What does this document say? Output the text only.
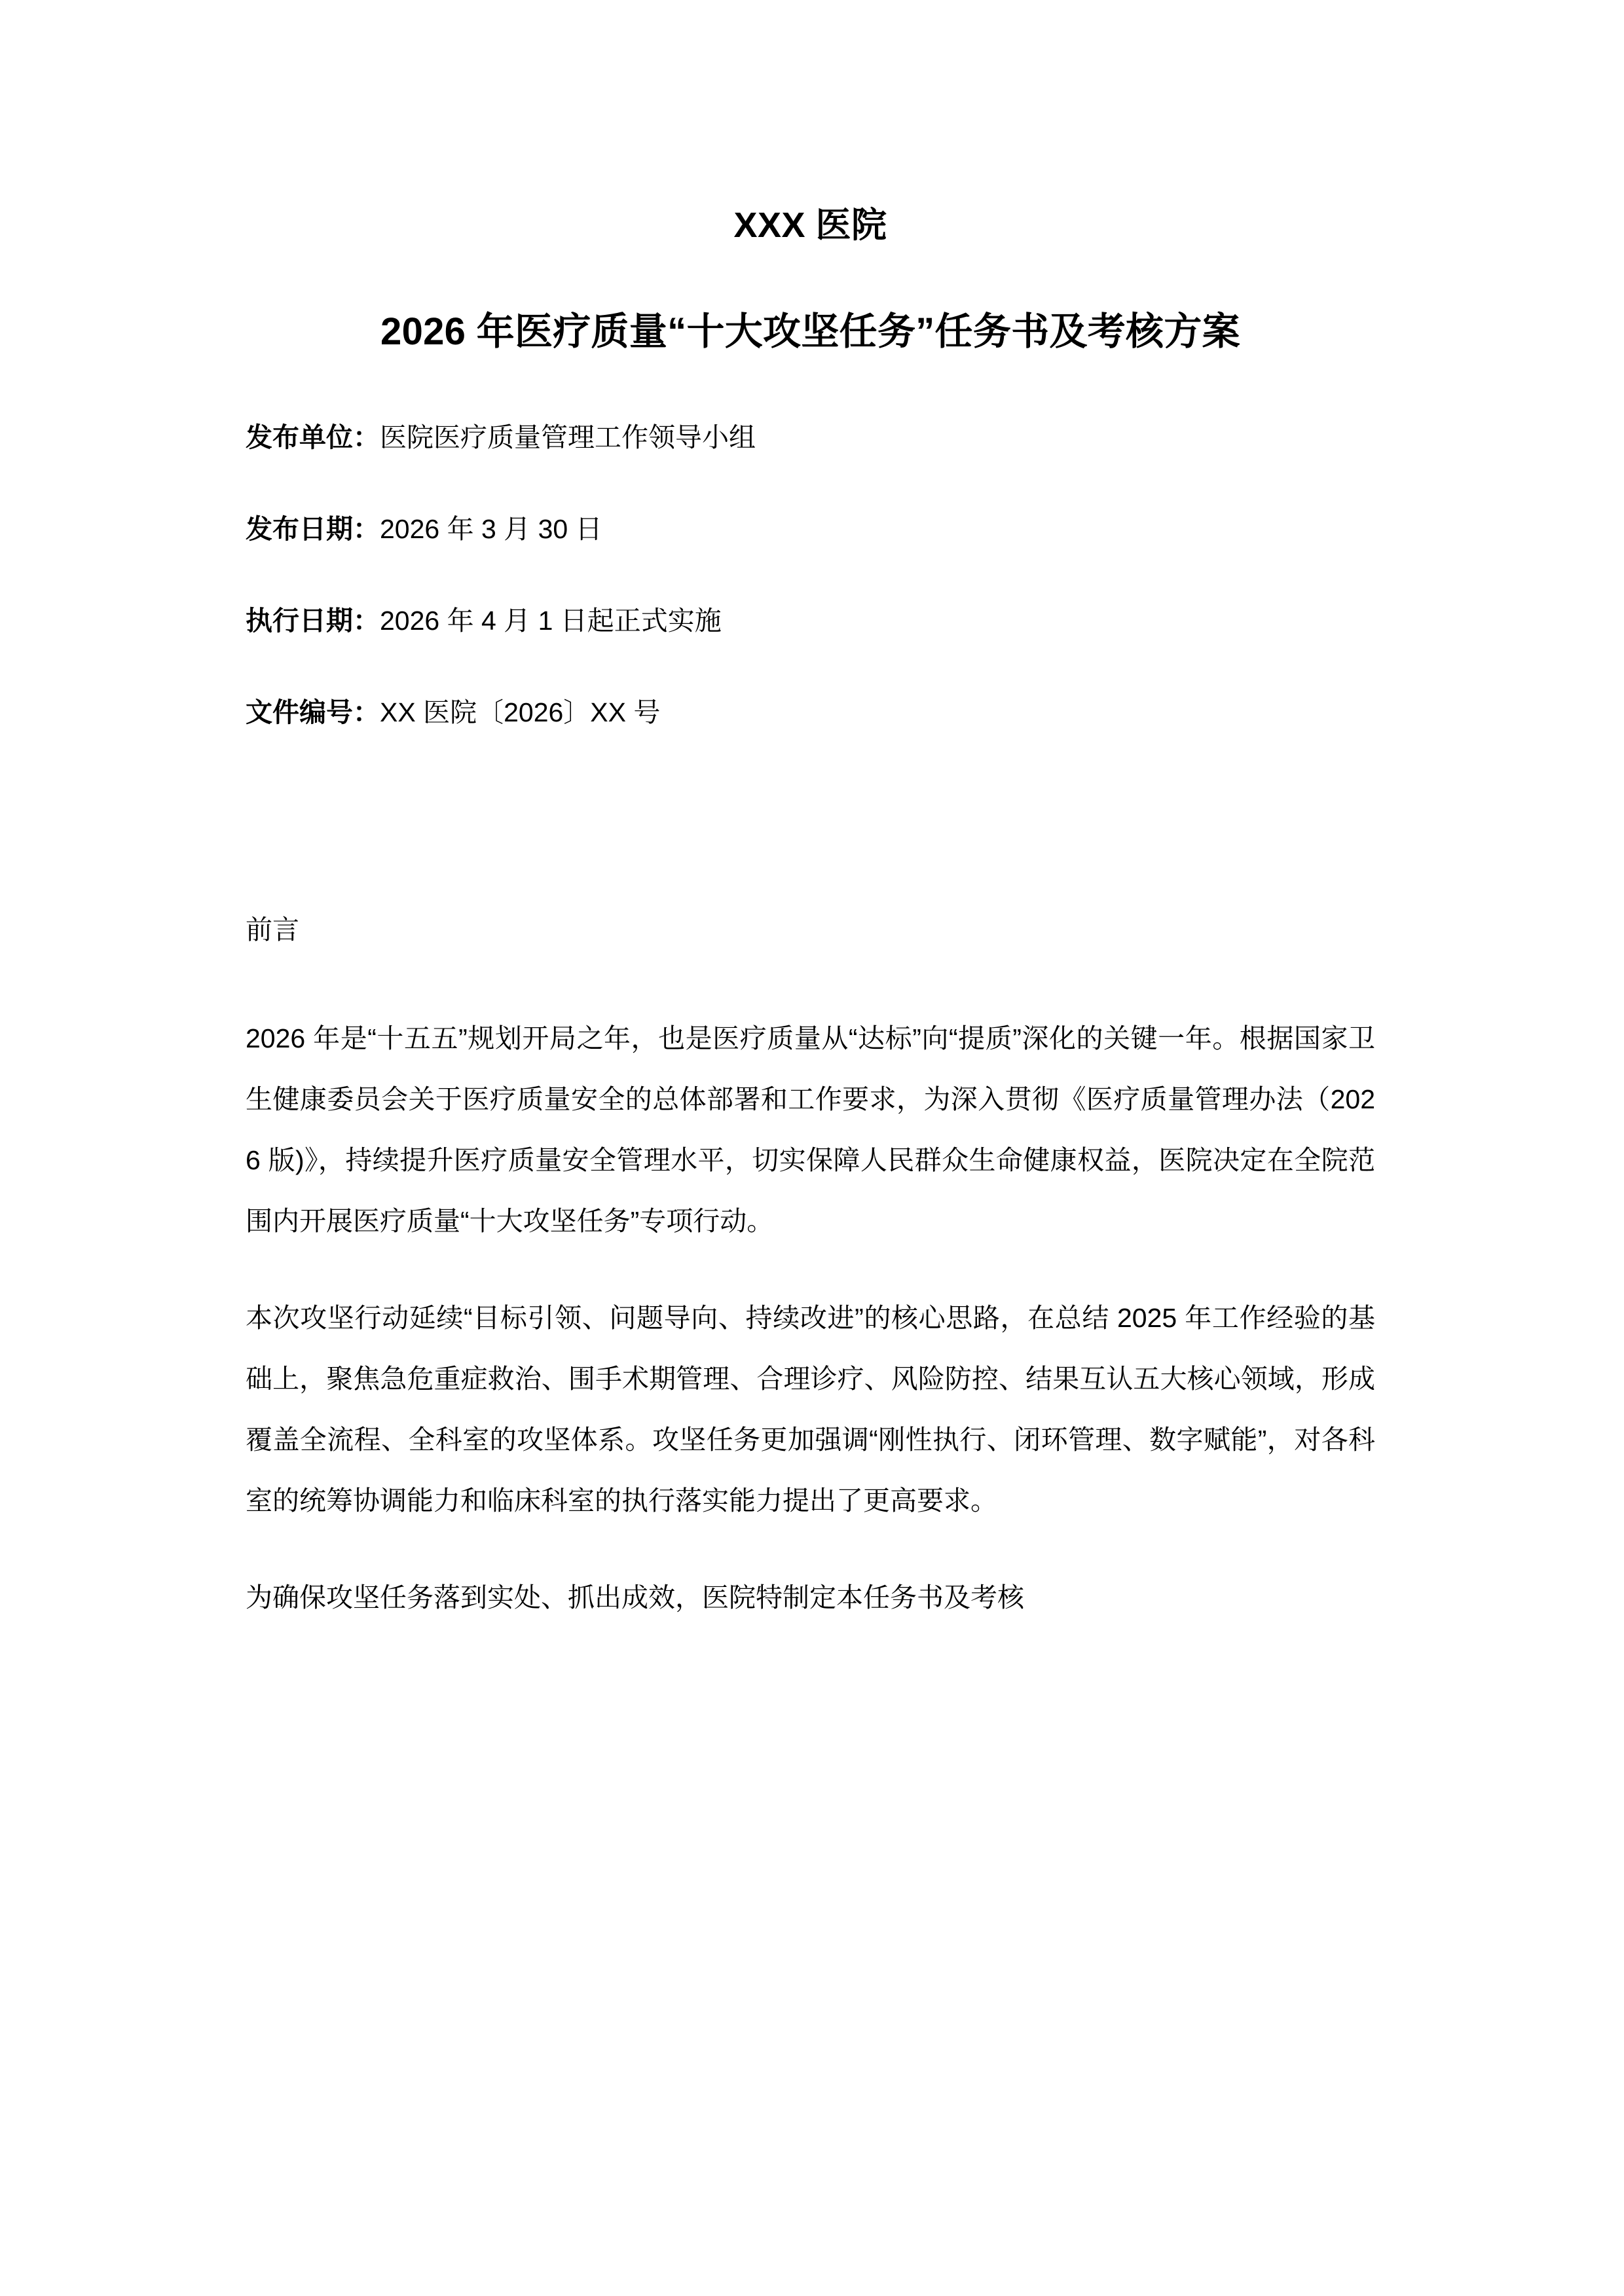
XXX 医院
2026 年医疗质量“十大攻坚任务”任务书及考核方案
发布单位：医院医疗质量管理工作领导小组
发布日期：2026 年 3 月 30 日
执行日期：2026 年 4 月 1 日起正式实施
文件编号：XX 医院〔2026〕XX 号
前言

2026 年是“十五五”规划开局之年，也是医疗质量从“达标”向“提质”深化的关键一年。根据国家卫生健康委员会关于医疗质量安全的总体部署和工作要求，为深入贯彻《医疗质量管理办法（2026 版)》，持续提升医疗质量安全管理水平，切实保障人民群众生命健康权益，医院决定在全院范围内开展医疗质量“十大攻坚任务”专项行动。

本次攻坚行动延续“目标引领、问题导向、持续改进”的核心思路，在总结 2025 年工作经验的基础上，聚焦急危重症救治、围手术期管理、合理诊疗、风险防控、结果互认五大核心领域，形成覆盖全流程、全科室的攻坚体系。攻坚任务更加强调“刚性执行、闭环管理、数字赋能”，对各科室的统筹协调能力和临床科室的执行落实能力提出了更高要求。

为确保攻坚任务落到实处、抓出成效，医院特制定本任务书及考核
